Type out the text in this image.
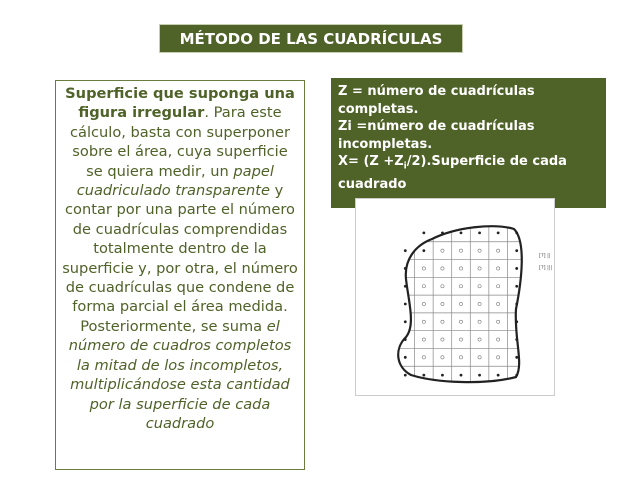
MÉTODO DE LAS CUADRÍCULAS
Superficie que suponga una figura irregular. Para este cálculo, basta con superponer sobre el área, cuya superficie se quiera medir, un papel cuadriculado transparente y contar por una parte el número de cuadrículas comprendidas totalmente dentro de la superficie y, por otra, el número de cuadrículas que condene de forma parcial el área medida. Posteriormente, se suma el número de cuadros completos la mitad de los incompletos, multiplicándose esta cantidad por la superficie de cada cuadrado
Z = número de cuadrículas
completas.
Zi =número de cuadrículas
incompletas.
$X= (Z +Z_i/2).Superficie$ de cada
cuadrado
[?] ||
[?] |||
